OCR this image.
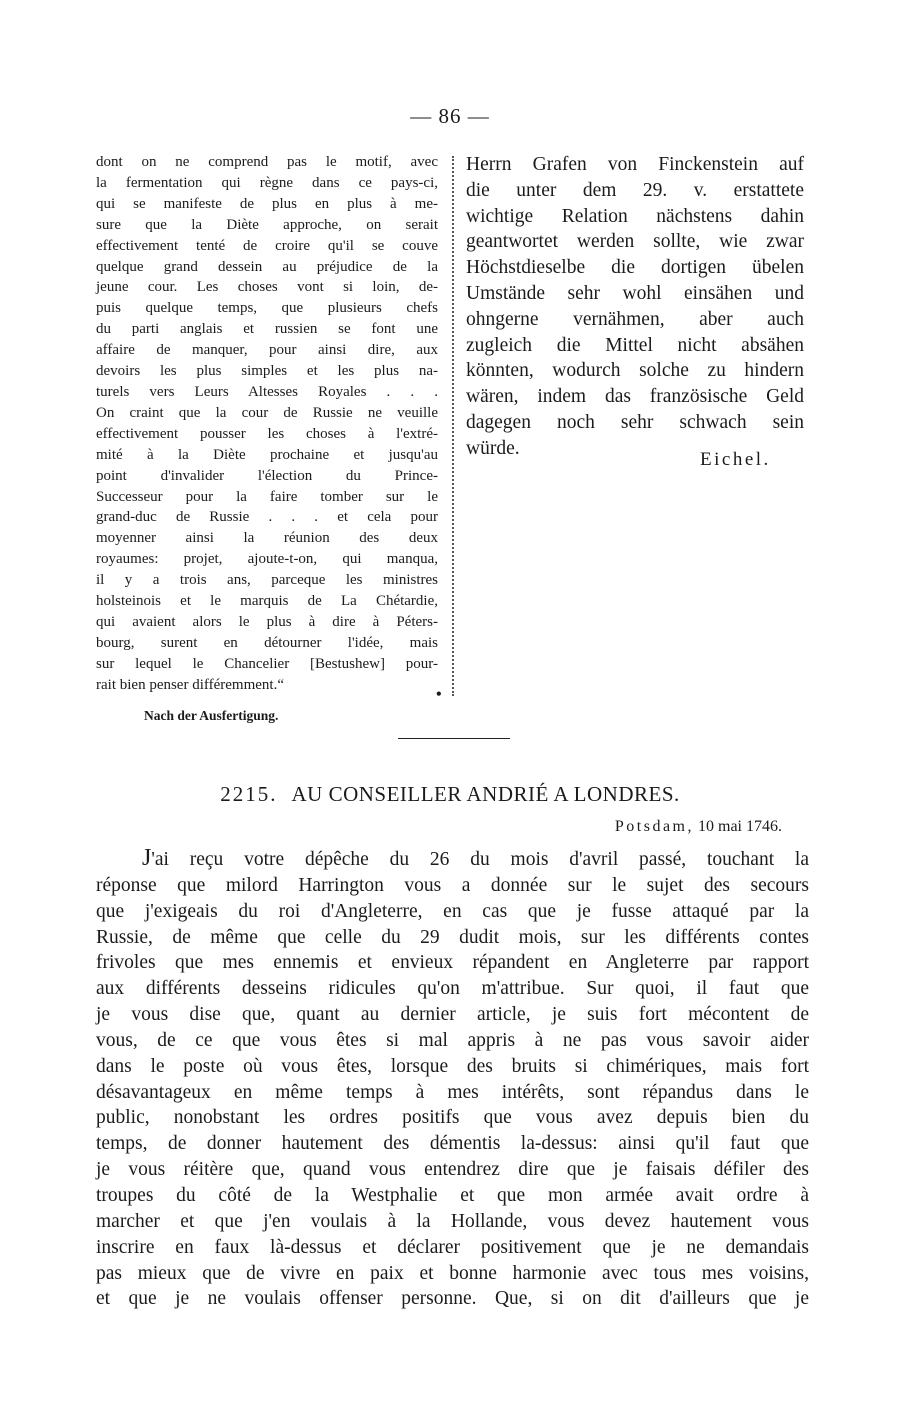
— 86 —
dont on ne comprend pas le motif, avec
la fermentation qui règne dans ce pays-ci,
qui se manifeste de plus en plus à me-
sure que la Diète approche, on serait
effectivement tenté de croire qu'il se couve
quelque grand dessein au préjudice de la
jeune cour. Les choses vont si loin, de-
puis quelque temps, que plusieurs chefs
du parti anglais et russien se font une
affaire de manquer, pour ainsi dire, aux
devoirs les plus simples et les plus na-
turels vers Leurs Altesses Royales . . .
On craint que la cour de Russie ne veuille
effectivement pousser les choses à l'extré-
mité à la Diète prochaine et jusqu'au
point d'invalider l'élection du Prince-
Successeur pour la faire tomber sur le
grand-duc de Russie . . . et cela pour
moyenner ainsi la réunion des deux
royaumes: projet, ajoute-t-on, qui manqua,
il y a trois ans, parceque les ministres
holsteinois et le marquis de La Chétardie,
qui avaient alors le plus à dire à Péters-
bourg, surent en détourner l'idée, mais
sur lequel le Chancelier [Bestushew] pour-
rait bien penser différemment.“
Herrn Grafen von Finckenstein auf
die unter dem 29. v. erstattete
wichtige Relation nächstens dahin
geantwortet werden sollte, wie zwar
Höchstdieselbe die dortigen übelen
Umstände sehr wohl einsähen und
ohngerne vernähmen, aber auch
zugleich die Mittel nicht absähen
könnten, wodurch solche zu hindern
wären, indem das französische Geld
dagegen noch sehr schwach sein
würde.
Eichel.
•
Nach der Ausfertigung.
2215. AU CONSEILLER ANDRIÉ A LONDRES.
Potsdam, 10 mai 1746.
J'ai reçu votre dépêche du 26 du mois d'avril passé, touchant la
réponse que milord Harrington vous a donnée sur le sujet des secours
que j'exigeais du roi d'Angleterre, en cas que je fusse attaqué par la
Russie, de même que celle du 29 dudit mois, sur les différents contes
frivoles que mes ennemis et envieux répandent en Angleterre par rapport
aux différents desseins ridicules qu'on m'attribue. Sur quoi, il faut que
je vous dise que, quant au dernier article, je suis fort mécontent de
vous, de ce que vous êtes si mal appris à ne pas vous savoir aider
dans le poste où vous êtes, lorsque des bruits si chimériques, mais fort
désavantageux en même temps à mes intérêts, sont répandus dans le
public, nonobstant les ordres positifs que vous avez depuis bien du
temps, de donner hautement des démentis la-dessus: ainsi qu'il faut que
je vous réitère que, quand vous entendrez dire que je faisais défiler des
troupes du côté de la Westphalie et que mon armée avait ordre à
marcher et que j'en voulais à la Hollande, vous devez hautement vous
inscrire en faux là-dessus et déclarer positivement que je ne demandais
pas mieux que de vivre en paix et bonne harmonie avec tous mes voisins,
et que je ne voulais offenser personne. Que, si on dit d'ailleurs que je
